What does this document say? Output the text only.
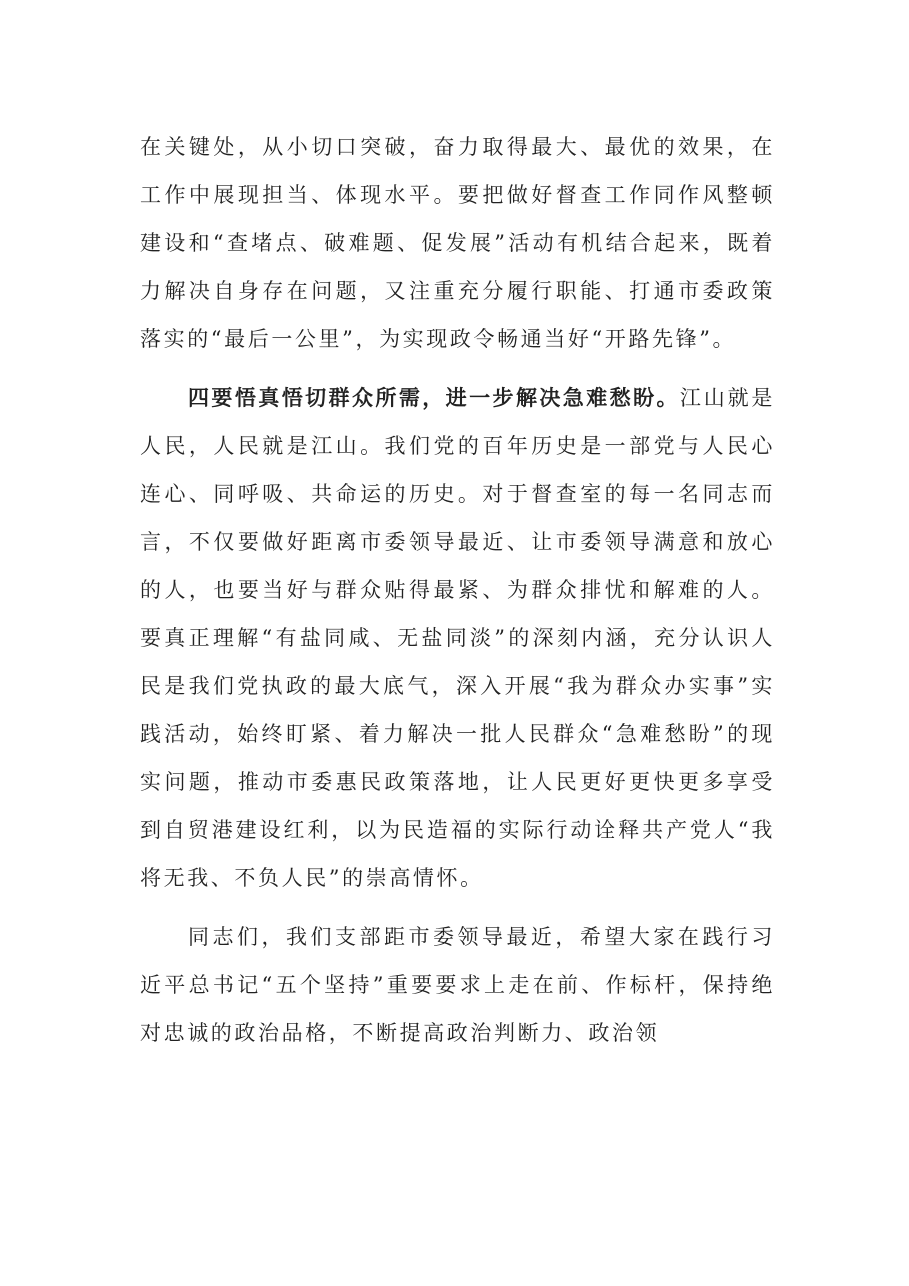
在关键处，从小切口突破，奋力取得最大、最优的效果，在工作中展现担当、体现水平。要把做好督查工作同作风整顿建设和“查堵点、破难题、促发展”活动有机结合起来，既着力解决自身存在问题，又注重充分履行职能、打通市委政策落实的“最后一公里”，为实现政令畅通当好“开路先锋”。

四要悟真悟切群众所需，进一步解决急难愁盼。江山就是人民，人民就是江山。我们党的百年历史是一部党与人民心连心、同呼吸、共命运的历史。对于督查室的每一名同志而言，不仅要做好距离市委领导最近、让市委领导满意和放心的人，也要当好与群众贴得最紧、为群众排忧和解难的人。要真正理解“有盐同咸、无盐同淡”的深刻内涵，充分认识人民是我们党执政的最大底气，深入开展“我为群众办实事”实践活动，始终盯紧、着力解决一批人民群众“急难愁盼”的现实问题，推动市委惠民政策落地，让人民更好更快更多享受到自贸港建设红利，以为民造福的实际行动诠释共产党人“我将无我、不负人民”的崇高情怀。

同志们，我们支部距市委领导最近，希望大家在践行习近平总书记“五个坚持”重要要求上走在前、作标杆，保持绝对忠诚的政治品格，不断提高政治判断力、政治领
